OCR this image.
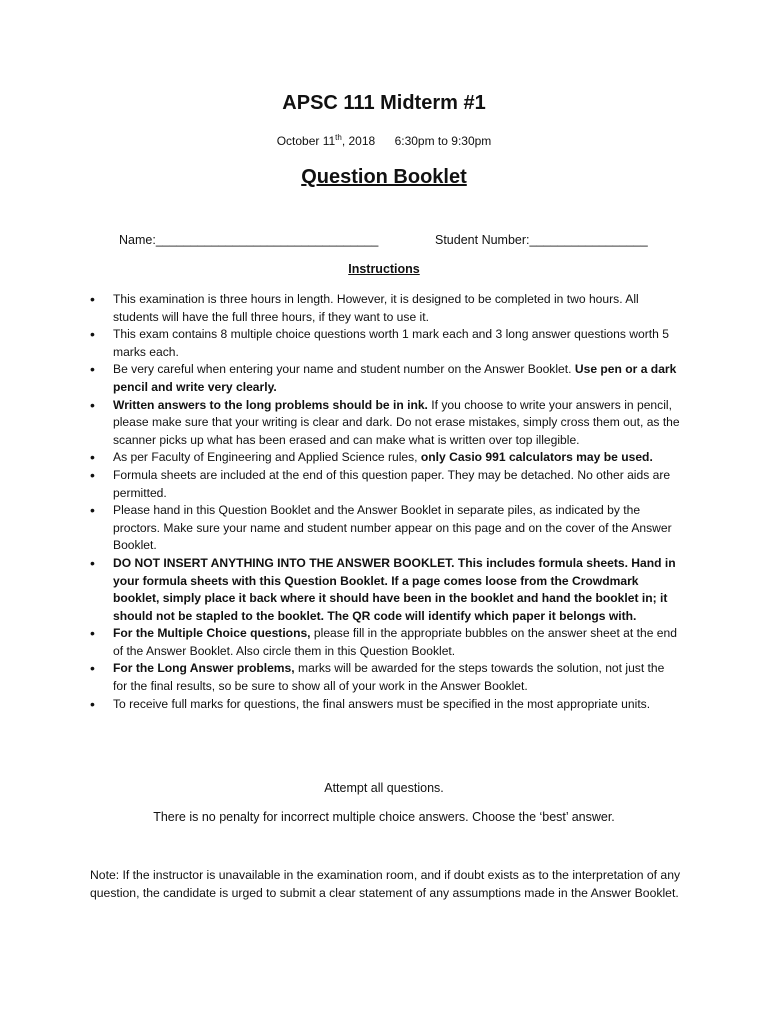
APSC 111 Midterm #1
October 11th, 2018 6:30pm to 9:30pm
Question Booklet
Name:________________________________	Student Number:_________________
Instructions
• This examination is three hours in length. However, it is designed to be completed in two hours. All students will have the full three hours, if they want to use it.
• This exam contains 8 multiple choice questions worth 1 mark each and 3 long answer questions worth 5 marks each.
• Be very careful when entering your name and student number on the Answer Booklet. Use pen or a dark pencil and write very clearly.
• Written answers to the long problems should be in ink. If you choose to write your answers in pencil, please make sure that your writing is clear and dark. Do not erase mistakes, simply cross them out, as the scanner picks up what has been erased and can make what is written over top illegible.
• As per Faculty of Engineering and Applied Science rules, only Casio 991 calculators may be used.
• Formula sheets are included at the end of this question paper. They may be detached. No other aids are permitted.
• Please hand in this Question Booklet and the Answer Booklet in separate piles, as indicated by the proctors. Make sure your name and student number appear on this page and on the cover of the Answer Booklet.
• DO NOT INSERT ANYTHING INTO THE ANSWER BOOKLET. This includes formula sheets. Hand in your formula sheets with this Question Booklet. If a page comes loose from the Crowdmark booklet, simply place it back where it should have been in the booklet and hand the booklet in; it should not be stapled to the booklet. The QR code will identify which paper it belongs with.
• For the Multiple Choice questions, please fill in the appropriate bubbles on the answer sheet at the end of the Answer Booklet. Also circle them in this Question Booklet.
• For the Long Answer problems, marks will be awarded for the steps towards the solution, not just the for the final results, so be sure to show all of your work in the Answer Booklet.
• To receive full marks for questions, the final answers must be specified in the most appropriate units.
Attempt all questions.
There is no penalty for incorrect multiple choice answers. Choose the ‘best’ answer.

Note: If the instructor is unavailable in the examination room, and if doubt exists as to the interpretation of any question, the candidate is urged to submit a clear statement of any assumptions made in the Answer Booklet.
